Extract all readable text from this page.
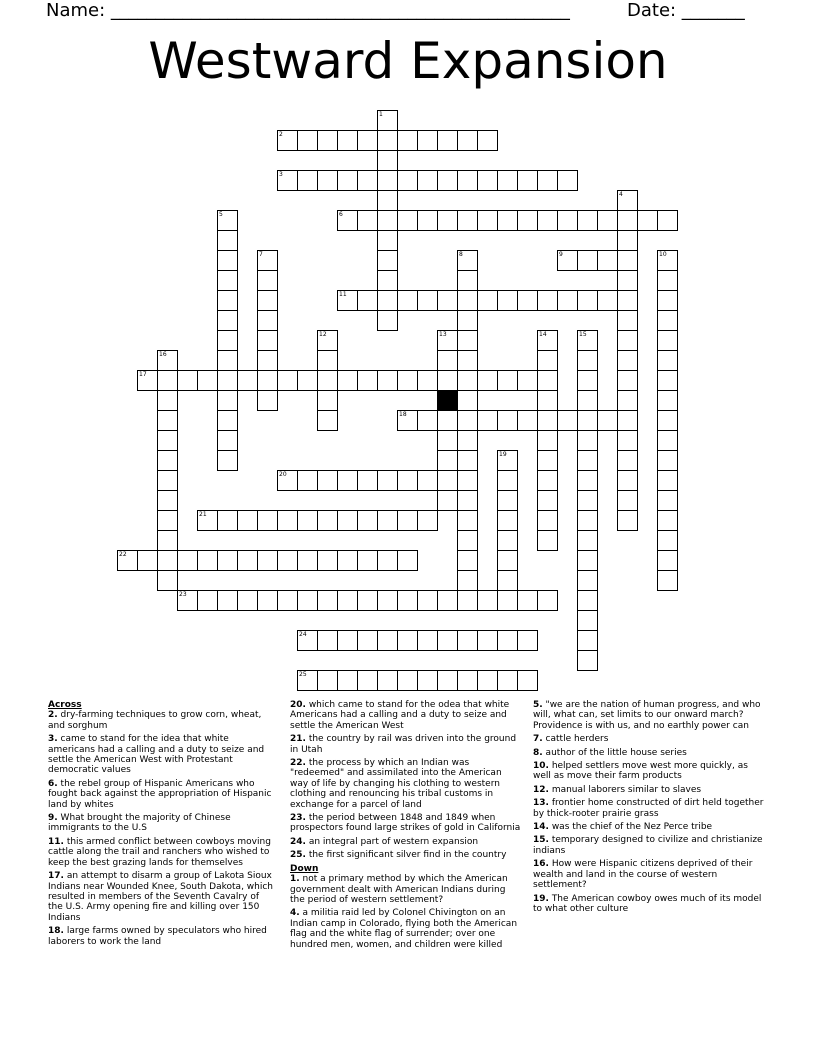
Name: ___________________________________________________	Date: _______
Westward Expansion
2
3
6
9
11
17
18
20
21
22
23
24
25
1
4
5
7	8	10
12	13	14	15
16
19
Across
2. dry-farming techniques to grow corn, wheat, and sorghum
3. came to stand for the idea that white americans had a calling and a duty to seize and settle the American West with Protestant democratic values
6. the rebel group of Hispanic Americans who fought back against the appropriation of Hispanic land by whites
9. What brought the majority of Chinese immigrants to the U.S
11. this armed conflict between cowboys moving cattle along the trail and ranchers who wished to keep the best grazing lands for themselves
17. an attempt to disarm a group of Lakota Sioux Indians near Wounded Knee, South Dakota, which resulted in members of the Seventh Cavalry of the U.S. Army opening fire and killing over 150 Indians
18. large farms owned by speculators who hired laborers to work the land
20. which came to stand for the odea that white Americans had a calling and a duty to seize and settle the American West
21. the country by rail was driven into the ground in Utah
22. the process by which an Indian was "redeemed" and assimilated into the American way of life by changing his clothing to western clothing and renouncing his tribal customs in exchange for a parcel of land
23. the period between 1848 and 1849 when prospectors found large strikes of gold in California
24. an integral part of western expansion
25. the first significant silver find in the country
Down
1. not a primary method by which the American government dealt with American Indians during the period of western settlement?
4. a militia raid led by Colonel Chivington on an Indian camp in Colorado, flying both the American flag and the white flag of surrender; over one hundred men, women, and children were killed
5. "we are the nation of human progress, and who will, what can, set limits to our onward march? Providence is with us, and no earthly power can
7. cattle herders
8. author of the little house series
10. helped settlers move west more quickly, as well as move their farm products
12. manual laborers similar to slaves
13. frontier home constructed of dirt held together by thick-rooter prairie grass
14. was the chief of the Nez Perce tribe
15. temporary designed to civilize and christianize indians
16. How were Hispanic citizens deprived of their wealth and land in the course of western settlement?
19. The American cowboy owes much of its model to what other culture
